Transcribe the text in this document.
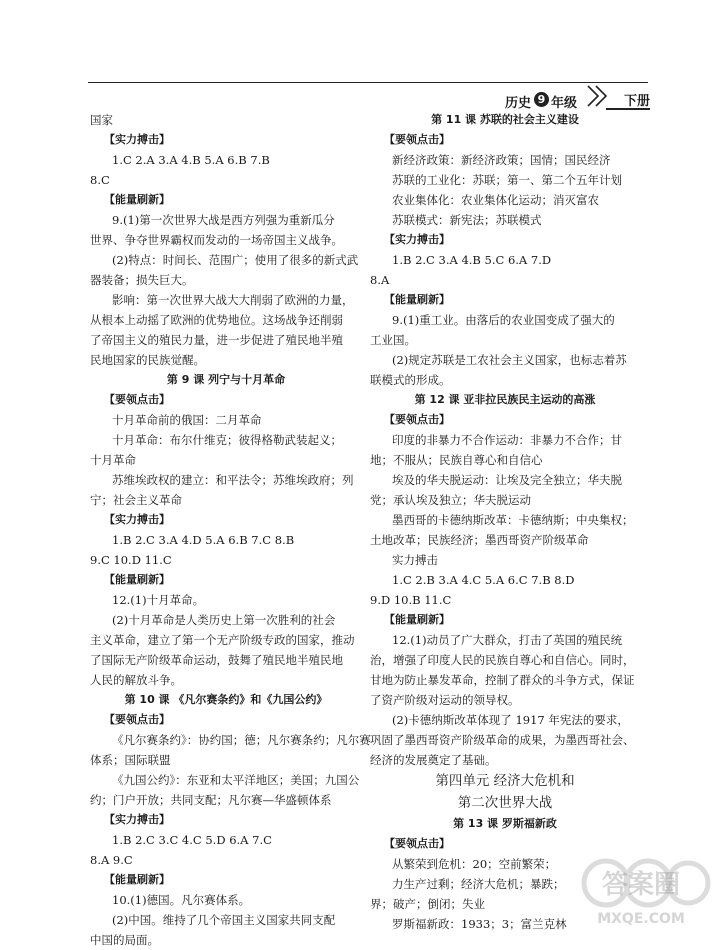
历史 9 年级	下册
国家
【实力搏击】
1.C 2.A 3.A 4.B 5.A 6.B 7.B
8.C
【能量刷新】
9.(1)第一次世界大战是西方列强为重新瓜分
世界、争夺世界霸权而发动的一场帝国主义战争。
(2)特点：时间长、范围广；使用了很多的新式武
器装备；损失巨大。
影响：第一次世界大战大大削弱了欧洲的力量，
从根本上动摇了欧洲的优势地位。这场战争还削弱
了帝国主义的殖民力量，进一步促进了殖民地半殖
民地国家的民族觉醒。
第 9 课 列宁与十月革命
【要领点击】
十月革命前的俄国：二月革命
十月革命：布尔什维克；彼得格勒武装起义；
十月革命
苏维埃政权的建立：和平法令；苏维埃政府；列
宁；社会主义革命
【实力搏击】
1.B 2.C 3.A 4.D 5.A 6.B 7.C 8.B
9.C 10.D 11.C
【能量刷新】
12.(1)十月革命。
(2)十月革命是人类历史上第一次胜利的社会
主义革命，建立了第一个无产阶级专政的国家，推动
了国际无产阶级革命运动，鼓舞了殖民地半殖民地
人民的解放斗争。
第 10 课 《凡尔赛条约》和《九国公约》
【要领点击】
《凡尔赛条约》：协约国；德；凡尔赛条约；凡尔赛
体系；国际联盟
《九国公约》：东亚和太平洋地区；美国；九国公
约；门户开放；共同支配；凡尔赛—华盛顿体系
【实力搏击】
1.B 2.C 3.C 4.C 5.D 6.A 7.C
8.A 9.C
【能量刷新】
10.(1)德国。凡尔赛体系。
(2)中国。维持了几个帝国主义国家共同支配
中国的局面。
第 11 课 苏联的社会主义建设
【要领点击】
新经济政策：新经济政策；国情；国民经济
苏联的工业化：苏联；第一、第二个五年计划
农业集体化：农业集体化运动；消灭富农
苏联模式：新宪法；苏联模式
【实力搏击】
1.B 2.C 3.A 4.B 5.C 6.A 7.D
8.A
【能量刷新】
9.(1)重工业。由落后的农业国变成了强大的
工业国。
(2)规定苏联是工农社会主义国家，也标志着苏
联模式的形成。
第 12 课 亚非拉民族民主运动的高涨
【要领点击】
印度的非暴力不合作运动：非暴力不合作；甘
地；不服从；民族自尊心和自信心
埃及的华夫脱运动：让埃及完全独立；华夫脱
党；承认埃及独立；华夫脱运动
墨西哥的卡德纳斯改革：卡德纳斯；中央集权；
土地改革；民族经济；墨西哥资产阶级革命
实力搏击
1.C 2.B 3.A 4.C 5.A 6.C 7.B 8.D
9.D 10.B 11.C
【能量刷新】
12.(1)动员了广大群众，打击了英国的殖民统
治，增强了印度人民的民族自尊心和自信心。同时，
甘地为防止暴发革命，控制了群众的斗争方式，保证
了资产阶级对运动的领导权。
(2)卡德纳斯改革体现了 1917 年宪法的要求，
巩固了墨西哥资产阶级革命的成果，为墨西哥社会、
经济的发展奠定了基础。
第四单元 经济大危机和
第二次世界大战
第 13 课 罗斯福新政
【要领点击】
从繁荣到危机：20；空前繁荣；
力生产过剩；经济大危机；暴跌；
界；破产；倒闭；失业
罗斯福新政：1933；3；富兰克林
答案圈
MXQE.COM
